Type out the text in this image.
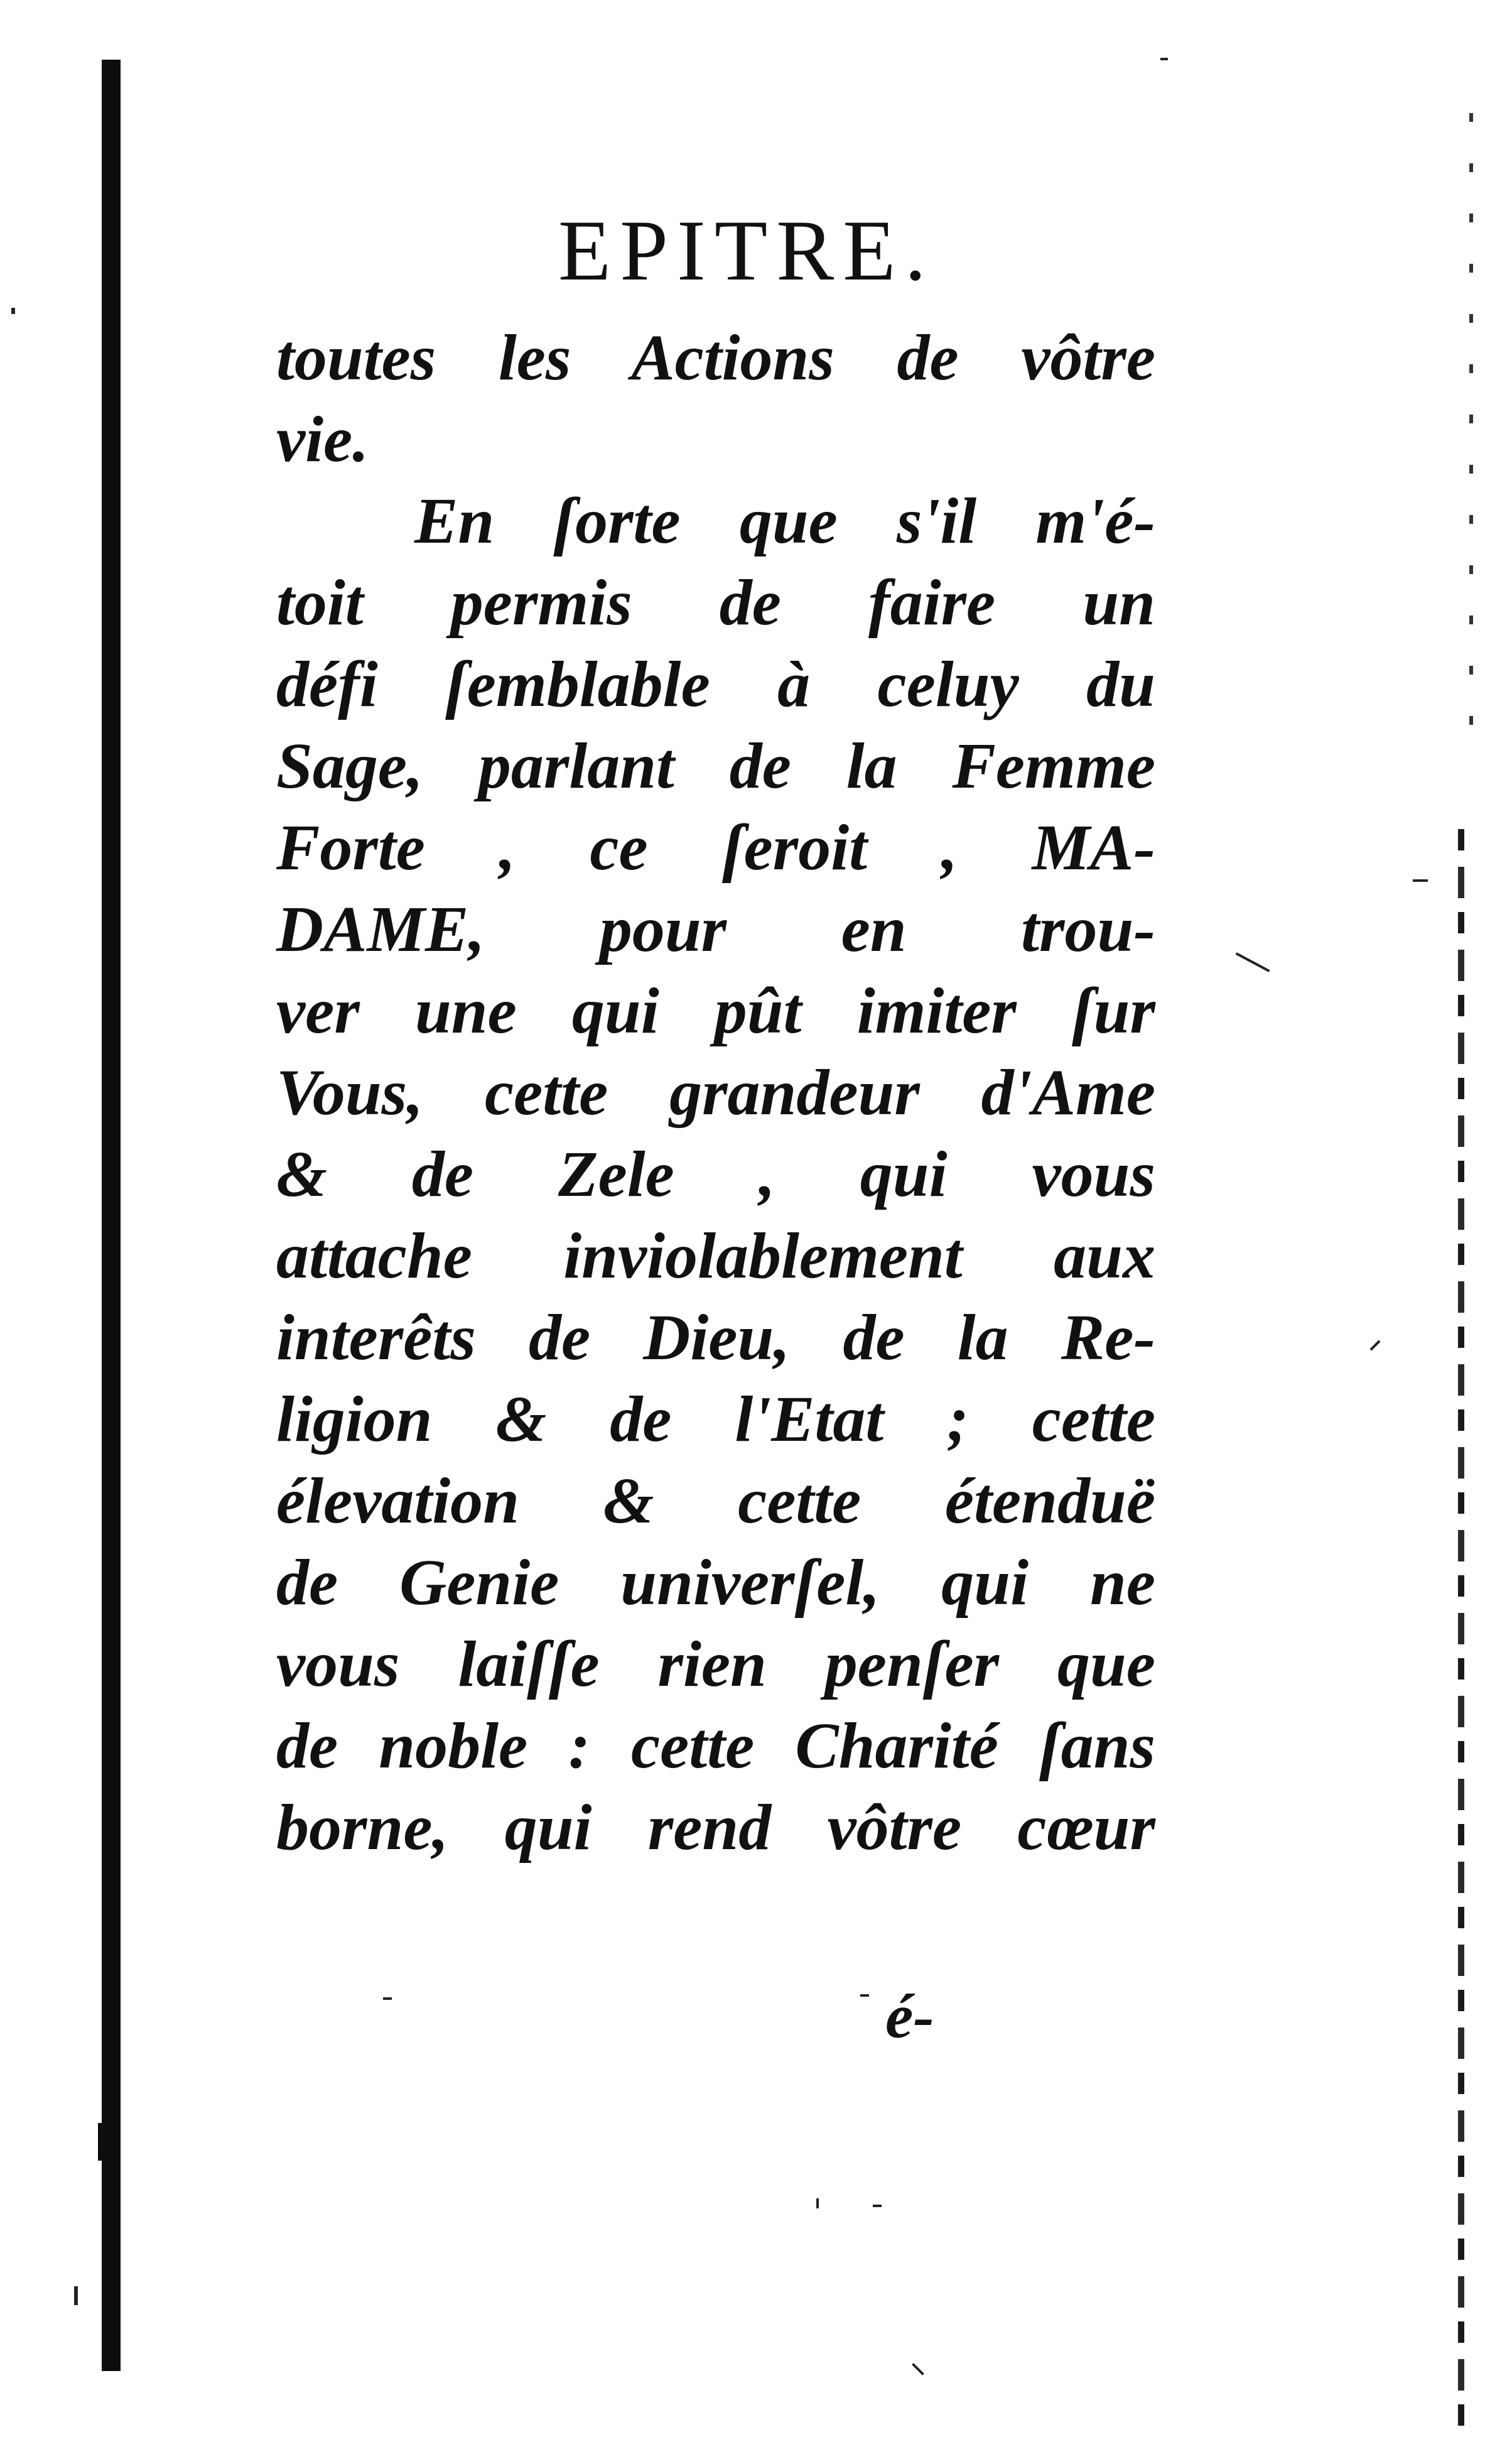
EPITRE.
toutes les Actions de vôtre
vie.
En ſorte que s'il m'é-
toit permis de faire un
défi ſemblable à celuy du
Sage, parlant de la Femme
Forte , ce ſeroit , MA-
DAME, pour en trou-
ver une qui pût imiter ſur
Vous, cette grandeur d'Ame
& de Zele , qui vous
attache inviolablement aux
interêts de Dieu, de la Re-
ligion & de l'Etat ; cette
élevation & cette étenduë
de Genie univerſel, qui ne
vous laiſſe rien penſer que
de noble : cette Charité ſans
borne, qui rend vôtre cœur
é-
